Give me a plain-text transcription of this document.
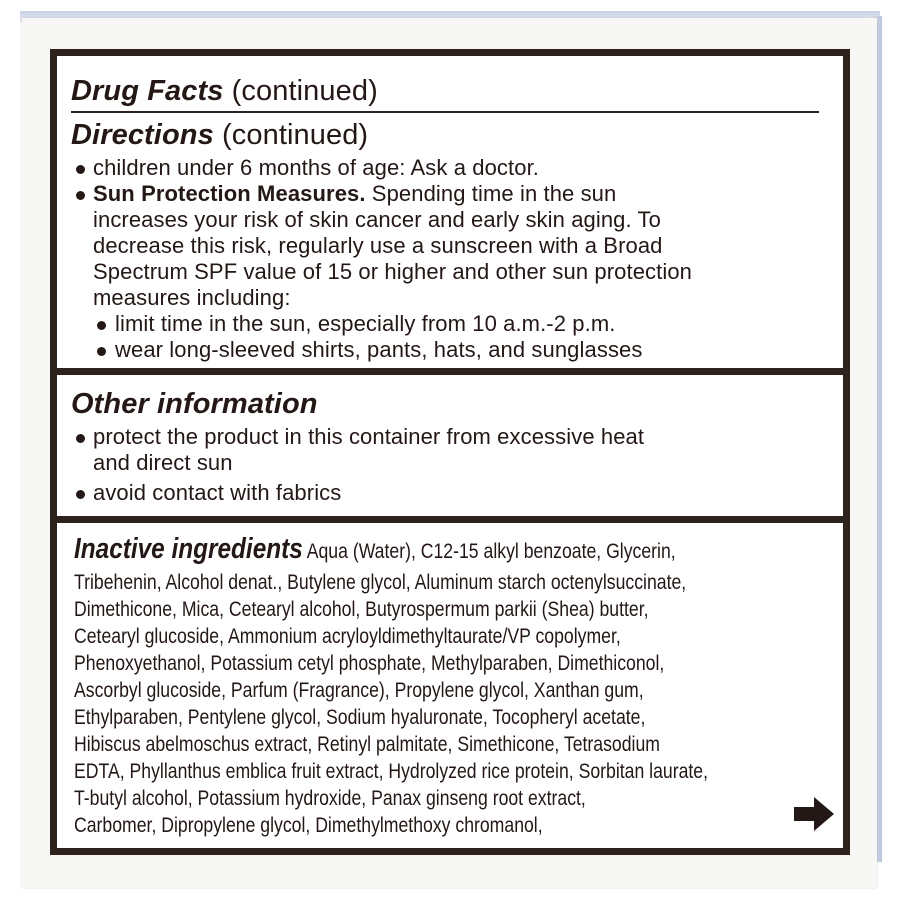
Drug Facts (continued)
Directions (continued)
children under 6 months of age: Ask a doctor.
Sun Protection Measures. Spending time in the sun
increases your risk of skin cancer and early skin aging. To
decrease this risk, regularly use a sunscreen with a Broad
Spectrum SPF value of 15 or higher and other sun protection
measures including:
limit time in the sun, especially from 10 a.m.-2 p.m.
wear long-sleeved shirts, pants, hats, and sunglasses
Other information
protect the product in this container from excessive heat
and direct sun
avoid contact with fabrics
Inactive ingredients Aqua (Water), C12-15 alkyl benzoate, Glycerin,
Tribehenin, Alcohol denat., Butylene glycol, Aluminum starch octenylsuccinate,
Dimethicone, Mica, Cetearyl alcohol, Butyrospermum parkii (Shea) butter,
Cetearyl glucoside, Ammonium acryloyldimethyltaurate/VP copolymer,
Phenoxyethanol, Potassium cetyl phosphate, Methylparaben, Dimethiconol,
Ascorbyl glucoside, Parfum (Fragrance), Propylene glycol, Xanthan gum,
Ethylparaben, Pentylene glycol, Sodium hyaluronate, Tocopheryl acetate,
Hibiscus abelmoschus extract, Retinyl palmitate, Simethicone, Tetrasodium
EDTA, Phyllanthus emblica fruit extract, Hydrolyzed rice protein, Sorbitan laurate,
T-butyl alcohol, Potassium hydroxide, Panax ginseng root extract,
Carbomer, Dipropylene glycol, Dimethylmethoxy chromanol,
